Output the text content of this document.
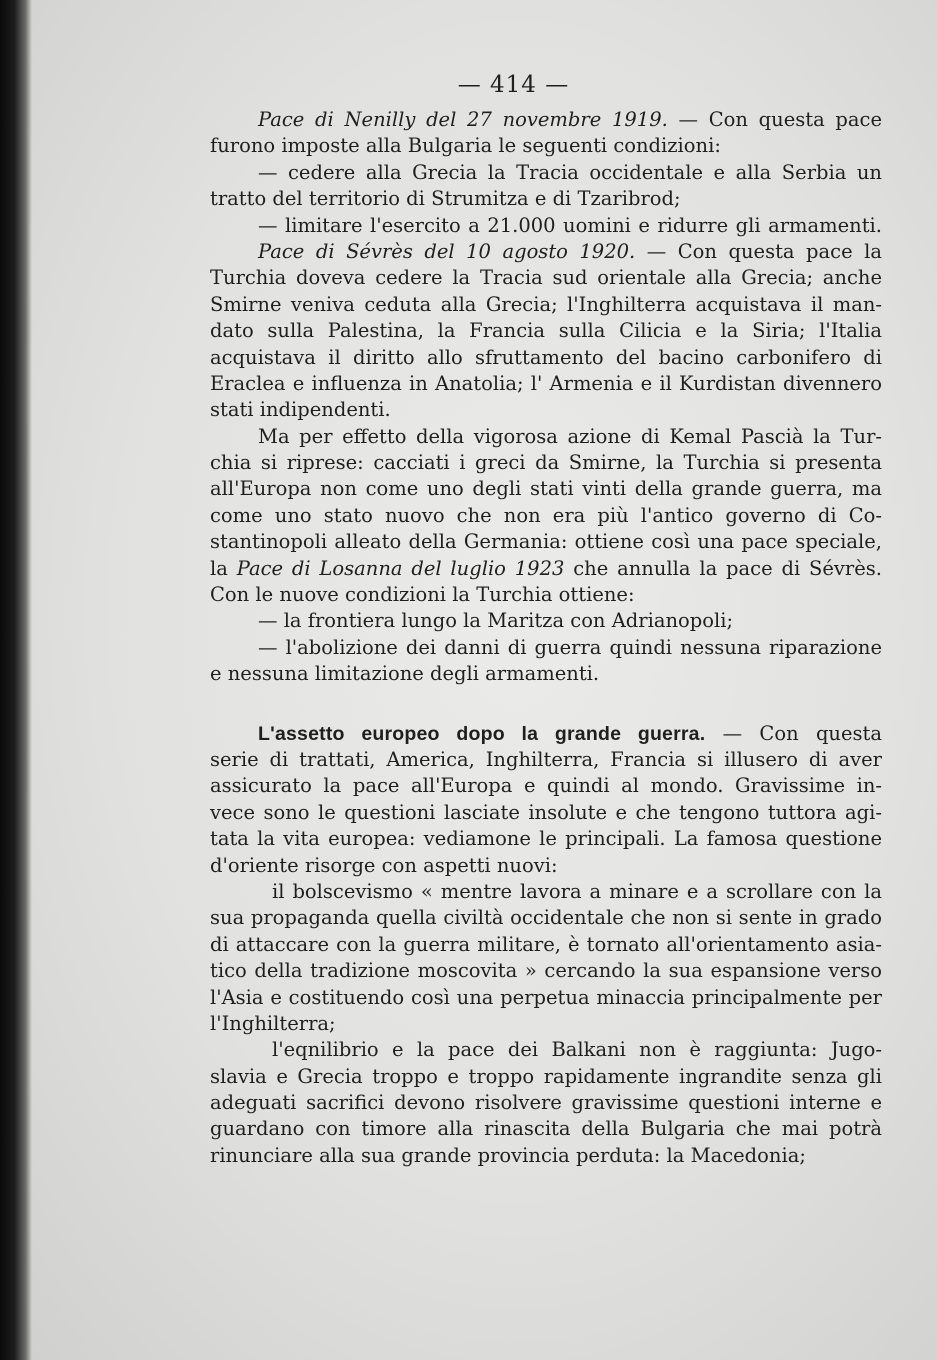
— 414 —
Pace di Nenilly del 27 novembre 1919. — Con questa pace
furono imposte alla Bulgaria le seguenti condizioni:
— cedere alla Grecia la Tracia occidentale e alla Serbia un
tratto del territorio di Strumitza e di Tzaribrod;
— limitare l'esercito a 21.000 uomini e ridurre gli armamenti.
Pace di Sévrès del 10 agosto 1920. — Con questa pace la
Turchia doveva cedere la Tracia sud orientale alla Grecia; anche
Smirne veniva ceduta alla Grecia; l'Inghilterra acquistava il man-
dato sulla Palestina, la Francia sulla Cilicia e la Siria; l'Italia
acquistava il diritto allo sfruttamento del bacino carbonifero di
Eraclea e influenza in Anatolia; l' Armenia e il Kurdistan divennero
stati indipendenti.
Ma per effetto della vigorosa azione di Kemal Pascià la Tur-
chia si riprese: cacciati i greci da Smirne, la Turchia si presenta
all'Europa non come uno degli stati vinti della grande guerra, ma
come uno stato nuovo che non era più l'antico governo di Co-
stantinopoli alleato della Germania: ottiene così una pace speciale,
la Pace di Losanna del luglio 1923 che annulla la pace di Sévrès.
Con le nuove condizioni la Turchia ottiene:
— la frontiera lungo la Maritza con Adrianopoli;
— l'abolizione dei danni di guerra quindi nessuna riparazione
e nessuna limitazione degli armamenti.
L'assetto europeo dopo la grande guerra. — Con questa
serie di trattati, America, Inghilterra, Francia si illusero di aver
assicurato la pace all'Europa e quindi al mondo. Gravissime in-
vece sono le questioni lasciate insolute e che tengono tuttora agi-
tata la vita europea: vediamone le principali. La famosa questione
d'oriente risorge con aspetti nuovi:
il bolscevismo « mentre lavora a minare e a scrollare con la
sua propaganda quella civiltà occidentale che non si sente in grado
di attaccare con la guerra militare, è tornato all'orientamento asia-
tico della tradizione moscovita » cercando la sua espansione verso
l'Asia e costituendo così una perpetua minaccia principalmente per
l'Inghilterra;
l'eqnilibrio e la pace dei Balkani non è raggiunta: Jugo-
slavia e Grecia troppo e troppo rapidamente ingrandite senza gli
adeguati sacrifici devono risolvere gravissime questioni interne e
guardano con timore alla rinascita della Bulgaria che mai potrà
rinunciare alla sua grande provincia perduta: la Macedonia;
